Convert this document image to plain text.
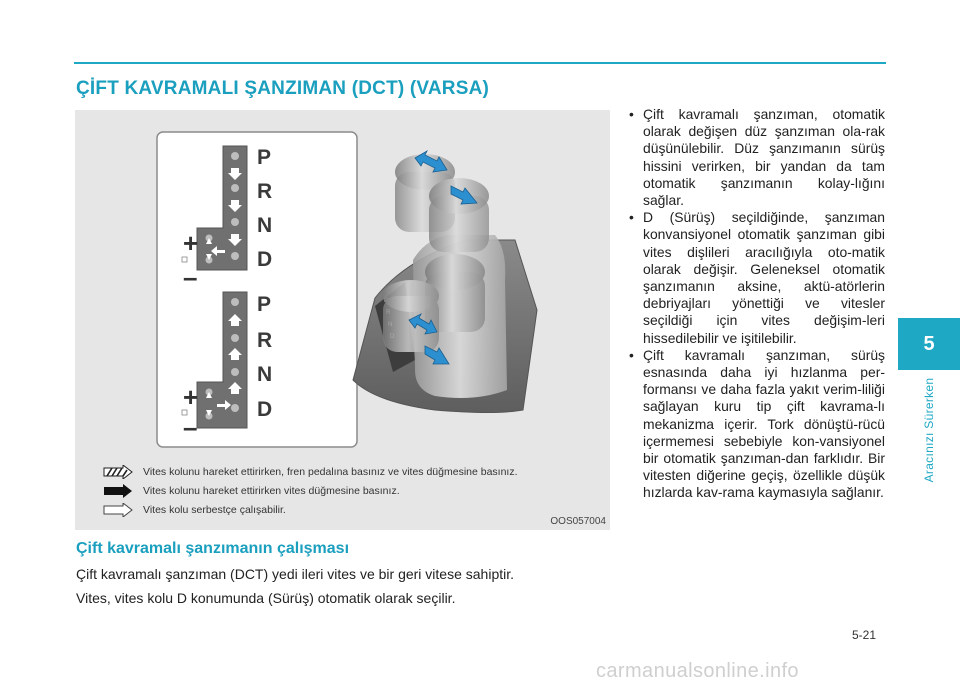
ÇİFT KAVRAMALI ŞANZIMAN (DCT) (VARSA)
+
–
+
–
P
R
N
D
P
R
N
D
Vites kolunu hareket ettirirken, fren pedalına basınız ve vites düğmesine basınız.
Vites kolunu hareket ettirirken vites düğmesine basınız.
Vites kolu serbestçe çalışabilir.
OOS057004
Çift kavramalı şanzımanın çalışması
Çift kavramalı şanzıman (DCT) yedi ileri vites ve bir geri vitese sahiptir.
Vites, vites kolu D konumunda (Sürüş) otomatik olarak seçilir.
• Çift kavramalı şanzıman, otomatik olarak değişen düz şanzıman ola-rak düşünülebilir. Düz şanzımanın sürüş hissini verirken, bir yandan da tam otomatik şanzımanın kolay-lığını sağlar.
• D (Sürüş) seçildiğinde, şanzıman konvansiyonel otomatik şanzıman gibi vites dişlileri aracılığıyla oto-matik olarak değişir. Geleneksel otomatik şanzımanın aksine, aktü-atörlerin debriyajları yönettiği ve vitesler seçildiği için vites değişim-leri hissedilebilir ve işitilebilir.
• Çift kavramalı şanzıman, sürüş esnasında daha iyi hızlanma per-formansı ve daha fazla yakıt verim-liliği sağlayan kuru tip çift kavrama-lı mekanizma içerir. Tork dönüştü-rücü içermemesi sebebiyle kon-vansiyonel bir otomatik şanzıman-dan farklıdır. Bir vitesten diğerine geçiş, özellikle düşük hızlarda kav-rama kaymasıyla sağlanır.
5
Aracınızı Sürerken
5-21
carmanualsonline.info
